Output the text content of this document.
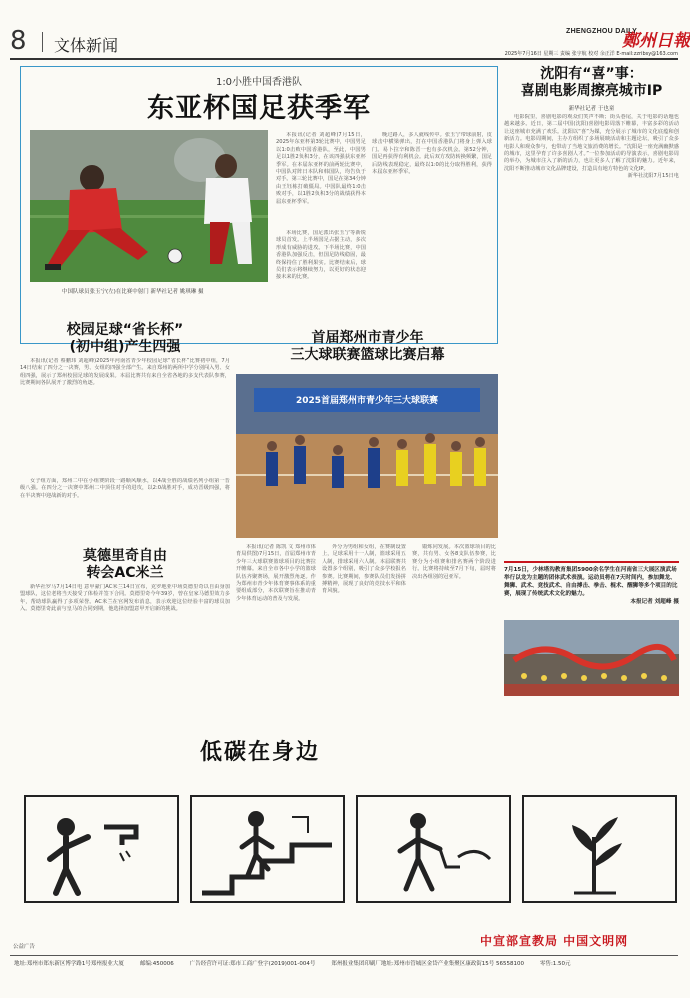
8 文体新闻
ZHENGZHOU DAILY
鄭州日報
2025年7月16日 星期三 责编 张宇航 校对 余正洋 E-mail:zzribsy@163.com
1:0小胜中国香港队
东亚杯国足获季军
中国队球员张玉宁(左)在比赛中射门 新华社记者 姚琪琳 摄

本报讯(记者 刘超峰)7月15日，2025年东亚杯第3轮比赛中，中国男足以1:0击败中国香港队，至此，中国男足以1胜2负积3分，在该四强获东亚杯季军。在本届东亚杯的前两轮比赛中，中国队对阵日本队和韩国队，均告负于对手。第三轮比赛中，国足在第34分钟由王钰栋打破僵局。中国队最终1:0击败对手，以1胜2负积3分的战绩获得本届东亚杯季军。

本场比赛，国足派出张玉宁等新锐球员首发。上半场国足占据主动，多次形成有威胁的进攻。下半场比赛，中国香港队加强反击，但国足防线稳固，最终保持住了胜利果实。比赛结束后，球员们表示将继续努力，以更好的状态迎接未来的比赛。

晚过路人，多人就线传中。张玉宁带球前射，皮球击中横梁弹出，打在中国香港队门将身上弹入球门。易卜拉辛和陈晋一也有多次机会。第52分钟，国足再获得有利机会。此后双方攻防转换频繁，国足后防线表现稳定，最终以1:0的比分取得胜利，获得本届东亚杯季军。

沈阳有“喜”事：
喜剧电影周擦亮城市IP
新华社记者 于也童

电影院里，喜剧电影的观众们笑声不断；街头巷尾，关于电影的话题也越来越多。近日，第二届中国(沈阳)喜剧电影周落下帷幕，丰富多彩的活动让这座城市充满了欢乐。沈阳以“喜”为媒，充分展示了城市的文化底蕴和创新活力。电影周期间，主办方组织了多场展映活动和主题论坛，吸引了众多电影人和观众参与，也带动了当地文旅消费的增长。“沈阳是一座充满幽默感的城市，这里孕育了许多喜剧人才。”一位参加活动的导演表示，喜剧电影周的举办，为城市注入了新的活力，也让更多人了解了沈阳的魅力。近年来，沈阳不断推动城市文化品牌建设，打造具有地方特色的文化IP。

新华社沈阳7月15日电

校园足球“省长杯”
(初中组)产生四强

本报讯(记者 蔡鹏玮 刘超峰)2025年河南省青少年校园足球“省长杯”比赛初中组，7月14日结束了四分之一决赛，男、女组的四强全部产生。来自郑州的两所中学分别闯入男、女组四强，展示了郑州校园足球的发展成果。本届比赛共有来自全省各地的多支代表队参赛，比赛期间各队展开了激烈的角逐。

女子组方面，郑州二中在小组赛阶段一路顺风顺水，以4战全胜的战绩名列小组第一晋级八强。在四分之一决赛中郑州二中顶住对手的进攻，以2:0战胜对手，成功晋级四强，将在半决赛中迎战新的对手。

莫德里奇自由
转会AC米兰

新华社罗马7月14日电 意甲豪门AC米兰14日宣布，克罗地亚中场莫德里奇以自由身加盟球队，这位老将当天接受了体检并签下合同。莫德里奇今年39岁，曾在皇家马德里效力多年，帮助球队赢得了多项荣誉。AC米兰在官网发布消息，表示欢迎这位经验丰富的球员加入。莫德里奇此前与皇马的合同到期，他选择加盟意甲开启新的挑战。

首届郑州市青少年
三大球联赛篮球比赛启幕
2025首届郑州市青少年三大球联赛

本报讯(记者 陈凯 文 郑州市体育局供图)7月15日，首届郑州市青少年三大球联赛篮球项目的比赛拉开帷幕。来自全市各中小学的篮球队伍齐聚赛场，展开激烈角逐。作为郑州市青少年体育赛事体系的重要组成部分，本次联赛旨在推动青少年体育运动的普及与发展。

外分为男组和女组，在赛制设置上，足球采用十一人制，篮球采用五人制，排球采用六人制。本届联赛共设置多个组别，吸引了众多学校报名参赛。比赛期间，参赛队员们发扬拼搏精神，展现了良好的竞技水平和体育风貌。

锻炼同发展。本次篮球项目的比赛，共有男、女各8支队伍参赛，比赛分为小组赛和排名赛两个阶段进行。比赛将持续至7月下旬，届时将决出各组别的冠亚军。

7月15日，少林塔沟教育集团5900余名学生在河南省三大展区演武场举行以龙为主题的团体武术表演。运动员将在7天时间内，参加舞龙、舞狮、武术、竞技武术、自由搏击、拳击、棍术、醒狮等多个项目的比赛，展现了传统武术文化的魅力。
本报记者 刘超峰 摄
低碳在身边
中宣部宣教局 中国文明网
公益广告
地址:郑州市郑东新区博学路1号郑州报业大厦	邮编:450006	广告经营许可证:郑市工商广登字(2019)001-004号	郑州报业集团印刷厂地址:郑州市管城区金岱产业集聚区康政街15号 56558100	零售:1.50元
